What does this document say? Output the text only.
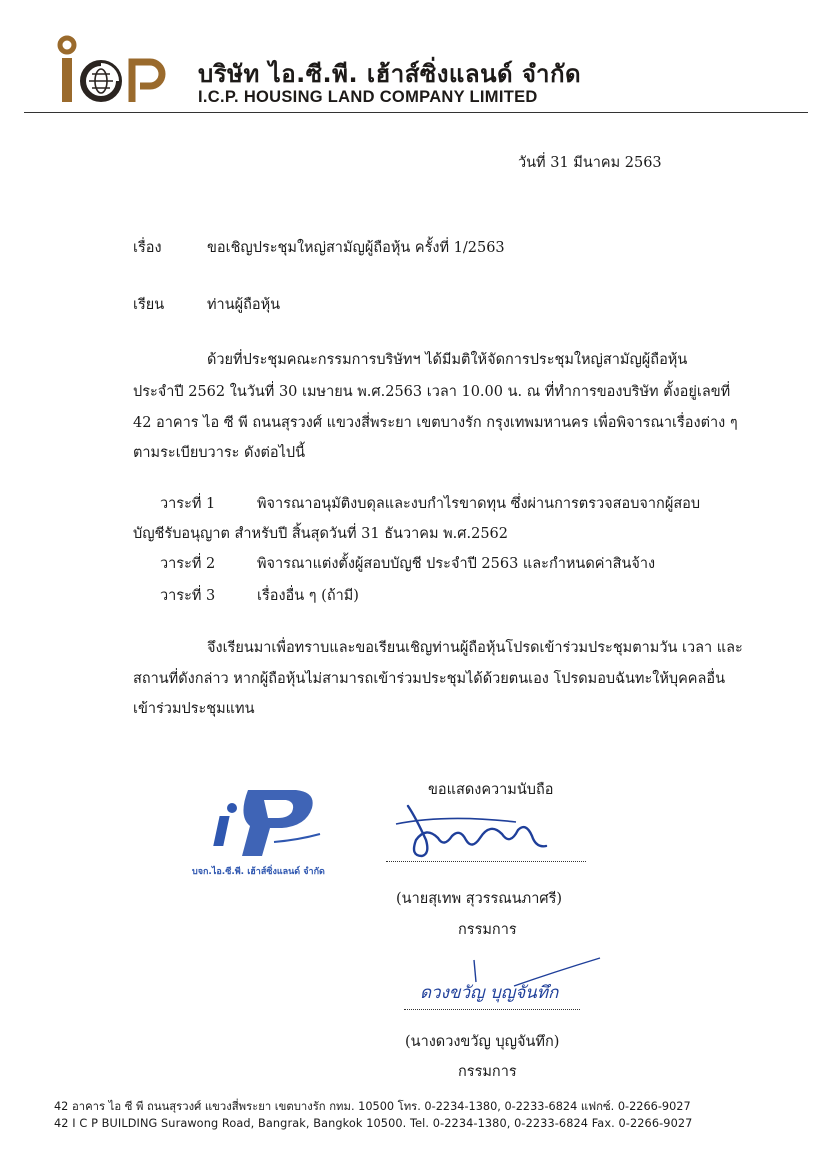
บริษัท ไอ.ซี.พี. เฮ้าส์ซิ่งแลนด์ จำกัด
I.C.P. HOUSING LAND COMPANY LIMITED
วันที่ 31 มีนาคม 2563
เรื่อง	ขอเชิญประชุมใหญ่สามัญผู้ถือหุ้น ครั้งที่ 1/2563
เรียน	ท่านผู้ถือหุ้น
ด้วยที่ประชุมคณะกรรมการบริษัทฯ ได้มีมติให้จัดการประชุมใหญ่สามัญผู้ถือหุ้น
ประจำปี 2562 ในวันที่ 30 เมษายน พ.ศ.2563 เวลา 10.00 น. ณ ที่ทำการของบริษัท ตั้งอยู่เลขที่
42 อาคาร ไอ ซี พี ถนนสุรวงศ์ แขวงสี่พระยา เขตบางรัก กรุงเทพมหานคร เพื่อพิจารณาเรื่องต่าง ๆ
ตามระเบียบวาระ ดังต่อไปนี้
วาระที่ 1	พิจารณาอนุมัติงบดุลและงบกำไรขาดทุน ซึ่งผ่านการตรวจสอบจากผู้สอบ
บัญชีรับอนุญาต สำหรับปี สิ้นสุดวันที่ 31 ธันวาคม พ.ศ.2562
วาระที่ 2	พิจารณาแต่งตั้งผู้สอบบัญชี ประจำปี 2563 และกำหนดค่าสินจ้าง
วาระที่ 3	เรื่องอื่น ๆ (ถ้ามี)
จึงเรียนมาเพื่อทราบและขอเรียนเชิญท่านผู้ถือหุ้นโปรดเข้าร่วมประชุมตามวัน เวลา และ
สถานที่ดังกล่าว หากผู้ถือหุ้นไม่สามารถเข้าร่วมประชุมได้ด้วยตนเอง โปรดมอบฉันทะให้บุคคลอื่น
เข้าร่วมประชุมแทน
ขอแสดงความนับถือ
บจก.ไอ.ซี.พี. เฮ้าส์ซิ่งแลนด์ จำกัด
(นายสุเทพ สุวรรณนภาศรี)
กรรมการ
ดวงขวัญ บุญจันทึก
(นางดวงขวัญ บุญจันทึก)
กรรมการ
42 อาคาร ไอ ซี พี ถนนสุรวงศ์ แขวงสี่พระยา เขตบางรัก กทม. 10500 โทร. 0-2234-1380, 0-2233-6824 แฟกซ์. 0-2266-9027
42 I C P BUILDING Surawong Road, Bangrak, Bangkok 10500. Tel. 0-2234-1380, 0-2233-6824 Fax. 0-2266-9027
